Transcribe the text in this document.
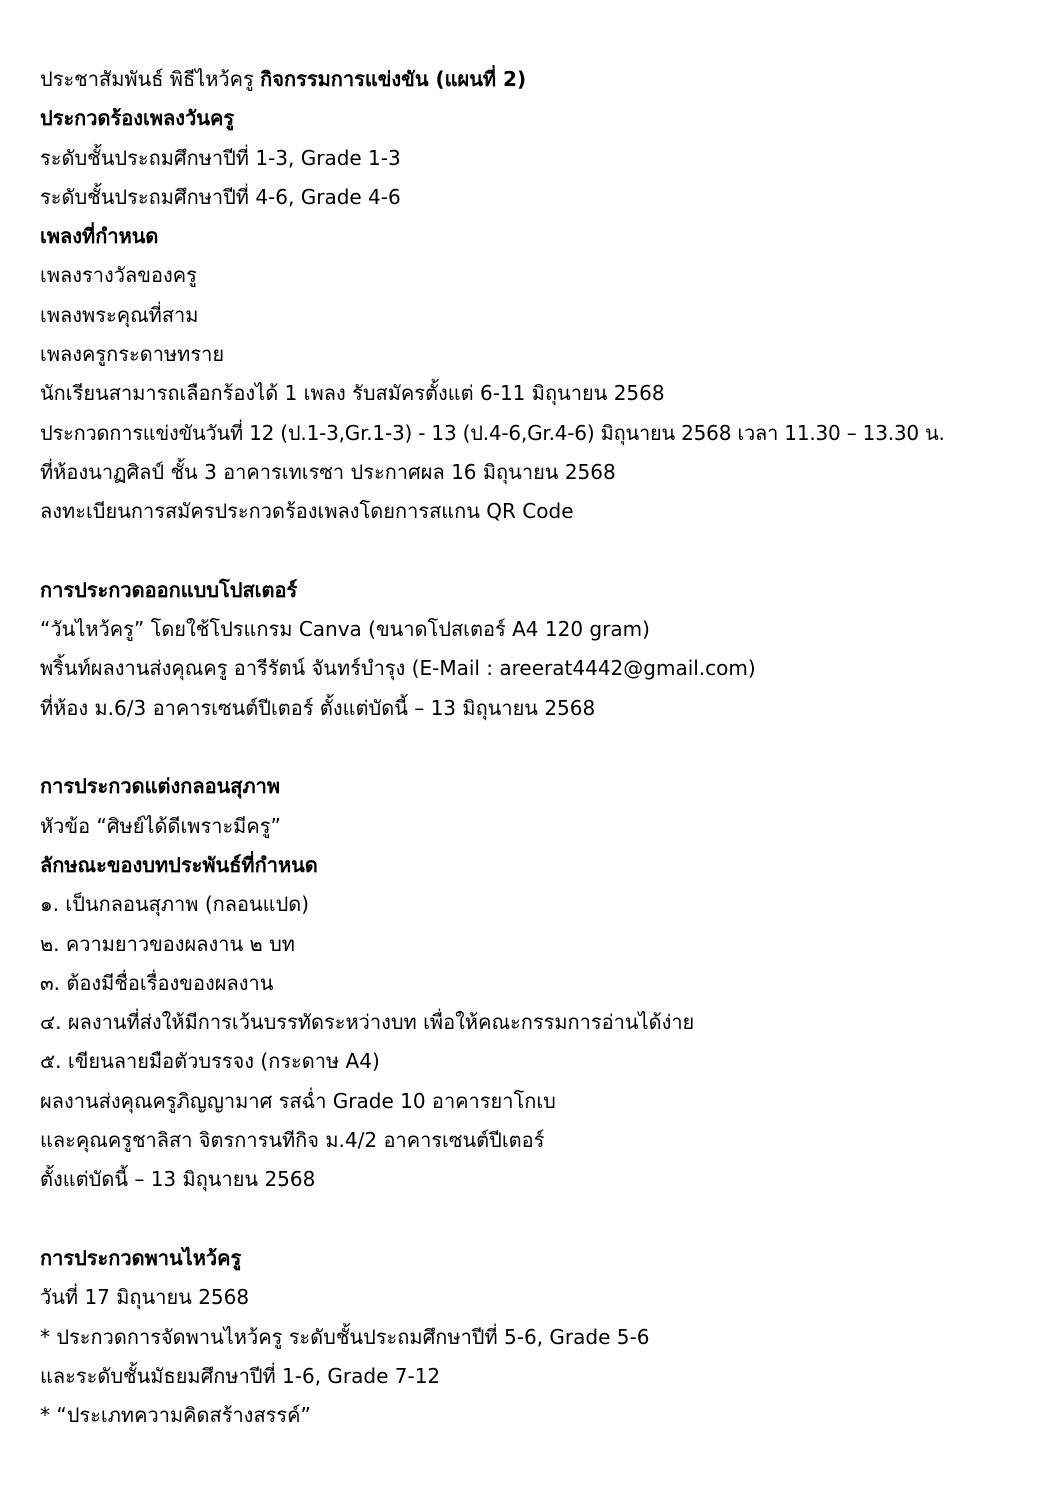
ประชาสัมพันธ์ พิธีไหว้ครู กิจกรรมการแข่งขัน (แผนที่ 2)
ประกวดร้องเพลงวันครู
ระดับชั้นประถมศึกษาปีที่ 1-3, Grade 1-3
ระดับชั้นประถมศึกษาปีที่ 4-6, Grade 4-6
เพลงที่กำหนด
เพลงรางวัลของครู
เพลงพระคุณที่สาม
เพลงครูกระดาษทราย
นักเรียนสามารถเลือกร้องได้ 1 เพลง รับสมัครตั้งแต่ 6-11 มิถุนายน 2568
ประกวดการแข่งขันวันที่ 12 (ป.1-3,Gr.1-3) - 13 (ป.4-6,Gr.4-6) มิถุนายน 2568 เวลา 11.30 – 13.30 น.
ที่ห้องนาฏศิลป์ ชั้น 3 อาคารเทเรซา ประกาศผล 16 มิถุนายน 2568
ลงทะเบียนการสมัครประกวดร้องเพลงโดยการสแกน QR Code
การประกวดออกแบบโปสเตอร์
“วันไหว้ครู” โดยใช้โปรแกรม Canva (ขนาดโปสเตอร์ A4 120 gram)
พริ้นท์ผลงานส่งคุณครู อารีรัตน์ จันทร์บำรุง (E-Mail : areerat4442@gmail.com)
ที่ห้อง ม.6/3 อาคารเซนต์ปีเตอร์ ตั้งแต่บัดนี้ – 13 มิถุนายน 2568
การประกวดแต่งกลอนสุภาพ
หัวข้อ “ศิษย์ได้ดีเพราะมีครู”
ลักษณะของบทประพันธ์ที่กำหนด
๑. เป็นกลอนสุภาพ (กลอนแปด)
๒. ความยาวของผลงาน ๒ บท
๓. ต้องมีชื่อเรื่องของผลงาน
๔. ผลงานที่ส่งให้มีการเว้นบรรทัดระหว่างบท เพื่อให้คณะกรรมการอ่านได้ง่าย
๕. เขียนลายมือตัวบรรจง (กระดาษ A4)
ผลงานส่งคุณครูภิญญามาศ รสฉ่ำ Grade 10 อาคารยาโกเบ
และคุณครูชาลิสา จิตรการนทีกิจ ม.4/2 อาคารเซนต์ปีเตอร์
ตั้งแต่บัดนี้ – 13 มิถุนายน 2568
การประกวดพานไหว้ครู
วันที่ 17 มิถุนายน 2568
* ประกวดการจัดพานไหว้ครู ระดับชั้นประถมศึกษาปีที่ 5-6, Grade 5-6
และระดับชั้นมัธยมศึกษาปีที่ 1-6, Grade 7-12
* “ประเภทความคิดสร้างสรรค์”
